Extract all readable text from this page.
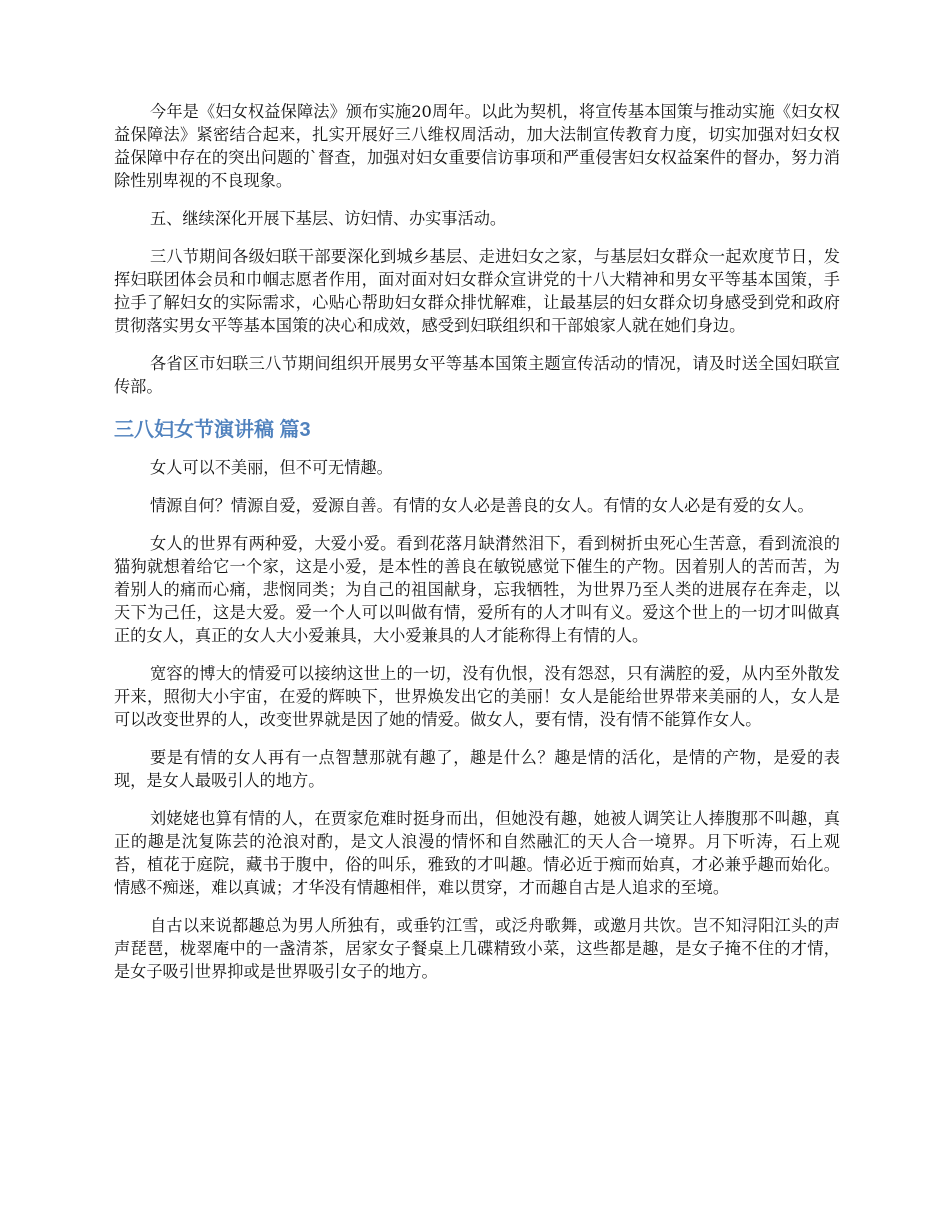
今年是《妇女权益保障法》颁布实施20周年。以此为契机，将宣传基本国策与推动实施《妇女权益保障法》紧密结合起来，扎实开展好三八维权周活动，加大法制宣传教育力度，切实加强对妇女权益保障中存在的突出问题的`督查，加强对妇女重要信访事项和严重侵害妇女权益案件的督办，努力消除性别卑视的不良现象。

五、继续深化开展下基层、访妇情、办实事活动。

三八节期间各级妇联干部要深化到城乡基层、走进妇女之家，与基层妇女群众一起欢度节日，发挥妇联团体会员和巾帼志愿者作用，面对面对妇女群众宣讲党的十八大精神和男女平等基本国策，手拉手了解妇女的实际需求，心贴心帮助妇女群众排忧解难，让最基层的妇女群众切身感受到党和政府贯彻落实男女平等基本国策的决心和成效，感受到妇联组织和干部娘家人就在她们身边。

各省区市妇联三八节期间组织开展男女平等基本国策主题宣传活动的情况，请及时送全国妇联宣传部。

三八妇女节演讲稿 篇3

女人可以不美丽，但不可无情趣。

情源自何？情源自爱，爱源自善。有情的女人必是善良的女人。有情的女人必是有爱的女人。

女人的世界有两种爱，大爱小爱。看到花落月缺潸然泪下，看到树折虫死心生苦意，看到流浪的猫狗就想着给它一个家，这是小爱，是本性的善良在敏锐感觉下催生的产物。因着别人的苦而苦，为着别人的痛而心痛，悲悯同类；为自己的祖国献身，忘我牺牲，为世界乃至人类的进展存在奔走，以天下为己任，这是大爱。爱一个人可以叫做有情，爱所有的人才叫有义。爱这个世上的一切才叫做真正的女人，真正的女人大小爱兼具，大小爱兼具的人才能称得上有情的人。

宽容的博大的情爱可以接纳这世上的一切，没有仇恨，没有怨怼，只有满腔的爱，从内至外散发开来，照彻大小宇宙，在爱的辉映下，世界焕发出它的美丽！女人是能给世界带来美丽的人，女人是可以改变世界的人，改变世界就是因了她的情爱。做女人，要有情，没有情不能算作女人。

要是有情的女人再有一点智慧那就有趣了，趣是什么？趣是情的活化，是情的产物，是爱的表现，是女人最吸引人的地方。

刘姥姥也算有情的人，在贾家危难时挺身而出，但她没有趣，她被人调笑让人捧腹那不叫趣，真正的趣是沈复陈芸的沧浪对酌，是文人浪漫的情怀和自然融汇的天人合一境界。月下听涛，石上观苔，植花于庭院，藏书于腹中，俗的叫乐，雅致的才叫趣。情必近于痴而始真，才必兼乎趣而始化。情感不痴迷，难以真诚；才华没有情趣相伴，难以贯穿，才而趣自古是人追求的至境。

自古以来说都趣总为男人所独有，或垂钓江雪，或泛舟歌舞，或邀月共饮。岂不知浔阳江头的声声琵琶，栊翠庵中的一盏清茶，居家女子餐桌上几碟精致小菜，这些都是趣，是女子掩不住的才情，是女子吸引世界抑或是世界吸引女子的地方。
